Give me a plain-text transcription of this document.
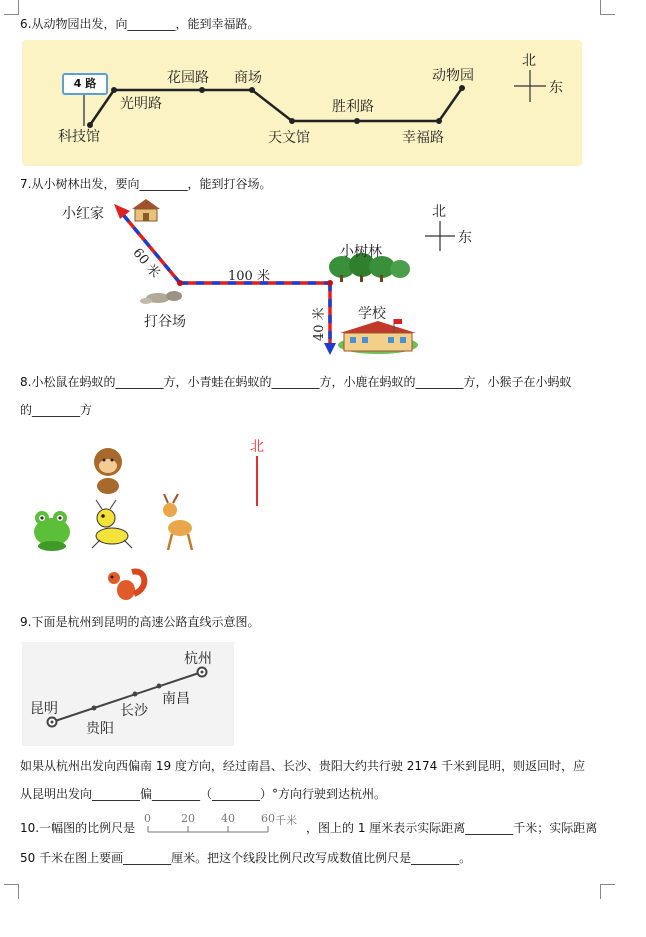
6.从动物园出发，向________，能到幸福路。
4 路
科技馆
光明路
花园路 商场
天文馆
胜利路
幸福路
动物园
北
东
7.从小树林出发，要向________，能到打谷场。
小红家
打谷场
小树林
学校
60 米	100 米
40 米
北
东
8.小松鼠在蚂蚁的________方，小青蛙在蚂蚁的________方，小鹿在蚂蚁的________方，小猴子在小蚂蚁
的________方
北
9.下面是杭州到昆明的高速公路直线示意图。
杭州
南昌
长沙
贵阳
昆明
如果从杭州出发向西偏南 19 度方向，经过南昌、长沙、贵阳大约共行驶 2174 千米到昆明，则返回时，应
从昆明出发向________偏________（________）°方向行驶到达杭州。
10.一幅图的比例尺是
0	20 40 60 千米
，图上的 1 厘米表示实际距离________千米；实际距离
50 千米在图上要画________厘米。把这个线段比例尺改写成数值比例尺是________。
